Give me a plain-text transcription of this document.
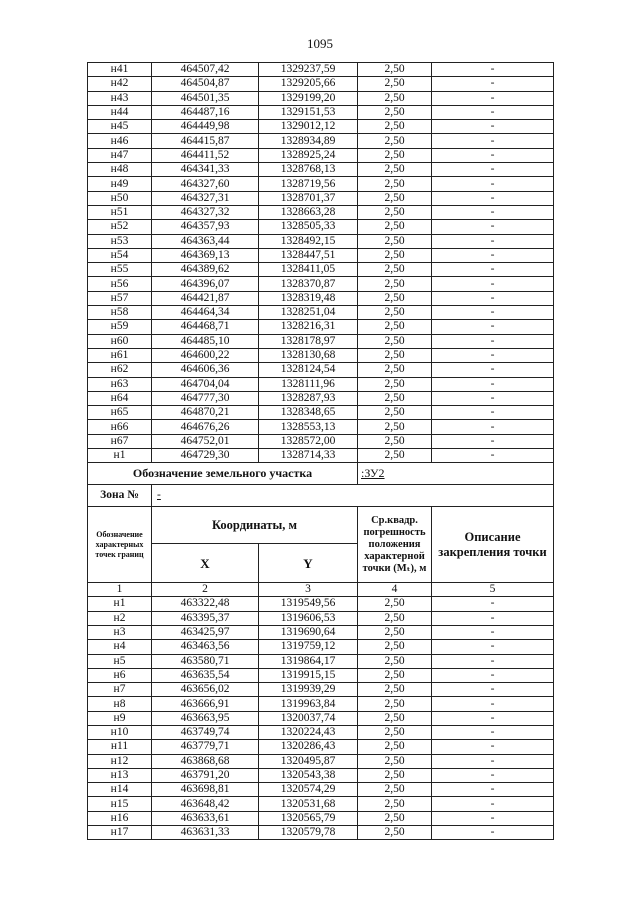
1095
н41	464507,42	1329237,59	2,50	-
н42	464504,87	1329205,66	2,50	-
н43	464501,35	1329199,20	2,50	-
н44	464487,16	1329151,53	2,50	-
н45	464449,98	1329012,12	2,50	-
н46	464415,87	1328934,89	2,50	-
н47	464411,52	1328925,24	2,50	-
н48	464341,33	1328768,13	2,50	-
н49	464327,60	1328719,56	2,50	-
н50	464327,31	1328701,37	2,50	-
н51	464327,32	1328663,28	2,50	-
н52	464357,93	1328505,33	2,50	-
н53	464363,44	1328492,15	2,50	-
н54	464369,13	1328447,51	2,50	-
н55	464389,62	1328411,05	2,50	-
н56	464396,07	1328370,87	2,50	-
н57	464421,87	1328319,48	2,50	-
н58	464464,34	1328251,04	2,50	-
н59	464468,71	1328216,31	2,50	-
н60	464485,10	1328178,97	2,50	-
н61	464600,22	1328130,68	2,50	-
н62	464606,36	1328124,54	2,50	-
н63	464704,04	1328111,96	2,50	-
н64	464777,30	1328287,93	2,50	-
н65	464870,21	1328348,65	2,50	-
н66	464676,26	1328553,13	2,50	-
н67	464752,01	1328572,00	2,50	-
н1	464729,30	1328714,33	2,50	-
Обозначение земельного участка			:ЗУ2	
Зона №	-			
Обозначение характерных точек границ	Координаты, м		Ср.квадр. погрешность положения характерной точки (Мₜ), м	Описание закрепления точки
	X	Y		
1	2	3	4	5
н1	463322,48	1319549,56	2,50	-
н2	463395,37	1319606,53	2,50	-
н3	463425,97	1319690,64	2,50	-
н4	463463,56	1319759,12	2,50	-
н5	463580,71	1319864,17	2,50	-
н6	463635,54	1319915,15	2,50	-
н7	463656,02	1319939,29	2,50	-
н8	463666,91	1319963,84	2,50	-
н9	463663,95	1320037,74	2,50	-
н10	463749,74	1320224,43	2,50	-
н11	463779,71	1320286,43	2,50	-
н12	463868,68	1320495,87	2,50	-
н13	463791,20	1320543,38	2,50	-
н14	463698,81	1320574,29	2,50	-
н15	463648,42	1320531,68	2,50	-
н16	463633,61	1320565,79	2,50	-
н17	463631,33	1320579,78	2,50	-
